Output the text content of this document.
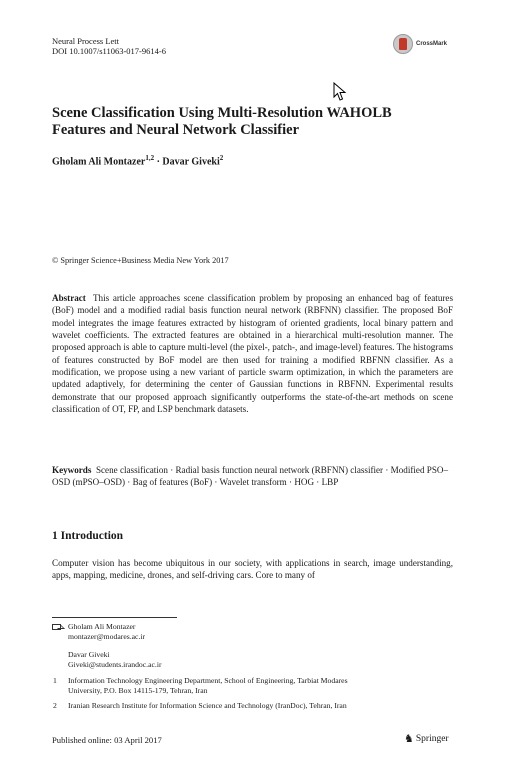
Neural Process Lett
DOI 10.1007/s11063-017-9614-6
CrossMark
Scene Classification Using Multi-Resolution WAHOLB
Features and Neural Network Classifier
Gholam Ali Montazer$^{1,2}$ · Davar Giveki$^2$
© Springer Science+Business Media New York 2017
Abstract This article approaches scene classification problem by proposing an enhanced bag of features (BoF) model and a modified radial basis function neural network (RBFNN) classifier. The proposed BoF model integrates the image features extracted by histogram of oriented gradients, local binary pattern and wavelet coefficients. The extracted features are obtained in a hierarchical multi-resolution manner. The proposed approach is able to capture multi-level (the pixel-, patch-, and image-level) features. The histograms of features constructed by BoF model are then used for training a modified RBFNN classifier. As a modification, we propose using a new variant of particle swarm optimization, in which the parameters are updated adaptively, for determining the center of Gaussian functions in RBFNN. Experimental results demonstrate that our proposed approach significantly outperforms the state-of-the-art methods on scene classification of OT, FP, and LSP benchmark datasets.
Keywords Scene classification · Radial basis function neural network (RBFNN) classifier · Modified PSO–OSD (mPSO–OSD) · Bag of features (BoF) · Wavelet transform · HOG · LBP
1 Introduction
Computer vision has become ubiquitous in our society, with applications in search, image understanding, apps, mapping, medicine, drones, and self-driving cars. Core to many of
Gholam Ali Montazer
montazer@modares.ac.ir
Davar Giveki
Giveki@students.irandoc.ac.ir
1 Information Technology Engineering Department, School of Engineering, Tarbiat Modares
University, P.O. Box 14115-179, Tehran, Iran
2 Iranian Research Institute for Information Science and Technology (IranDoc), Tehran, Iran
Published online: 03 April 2017	♞ Springer
